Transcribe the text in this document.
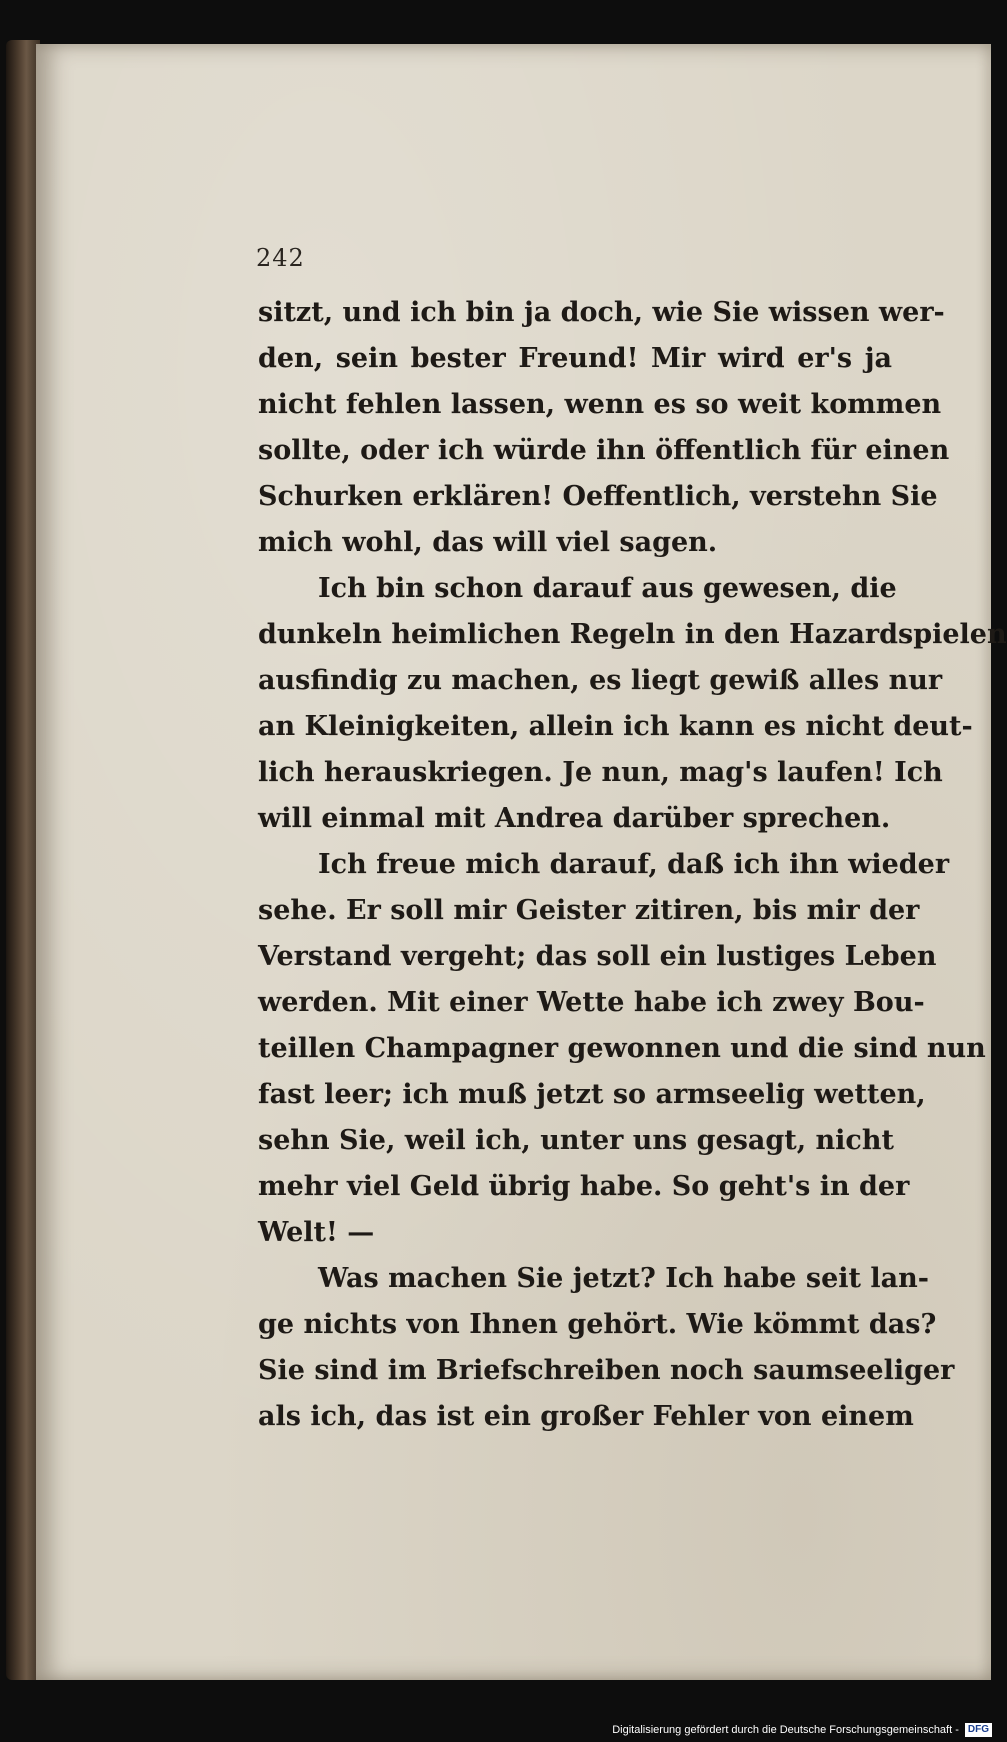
242
sitzt, und ich bin ja doch, wie Sie wissen wer-
den, sein bester Freund! Mir wird er's ja
nicht fehlen lassen, wenn es so weit kommen
sollte, oder ich würde ihn öffentlich für einen
Schurken erklären! Oeffentlich, verstehn Sie
mich wohl, das will viel sagen.
Ich bin schon darauf aus gewesen, die
dunkeln heimlichen Regeln in den Hazardspielen
ausfindig zu machen, es liegt gewiß alles nur
an Kleinigkeiten, allein ich kann es nicht deut-
lich herauskriegen. Je nun, mag's laufen! Ich
will einmal mit Andrea darüber sprechen.
Ich freue mich darauf, daß ich ihn wieder
sehe. Er soll mir Geister zitiren, bis mir der
Verstand vergeht; das soll ein lustiges Leben
werden. Mit einer Wette habe ich zwey Bou-
teillen Champagner gewonnen und die sind nun
fast leer; ich muß jetzt so armseelig wetten,
sehn Sie, weil ich, unter uns gesagt, nicht
mehr viel Geld übrig habe. So geht's in der
Welt! —
Was machen Sie jetzt? Ich habe seit lan-
ge nichts von Ihnen gehört. Wie kömmt das?
Sie sind im Briefschreiben noch saumseeliger
als ich, das ist ein großer Fehler von einem
Digitalisierung gefördert durch die Deutsche Forschungsgemeinschaft - DFG
